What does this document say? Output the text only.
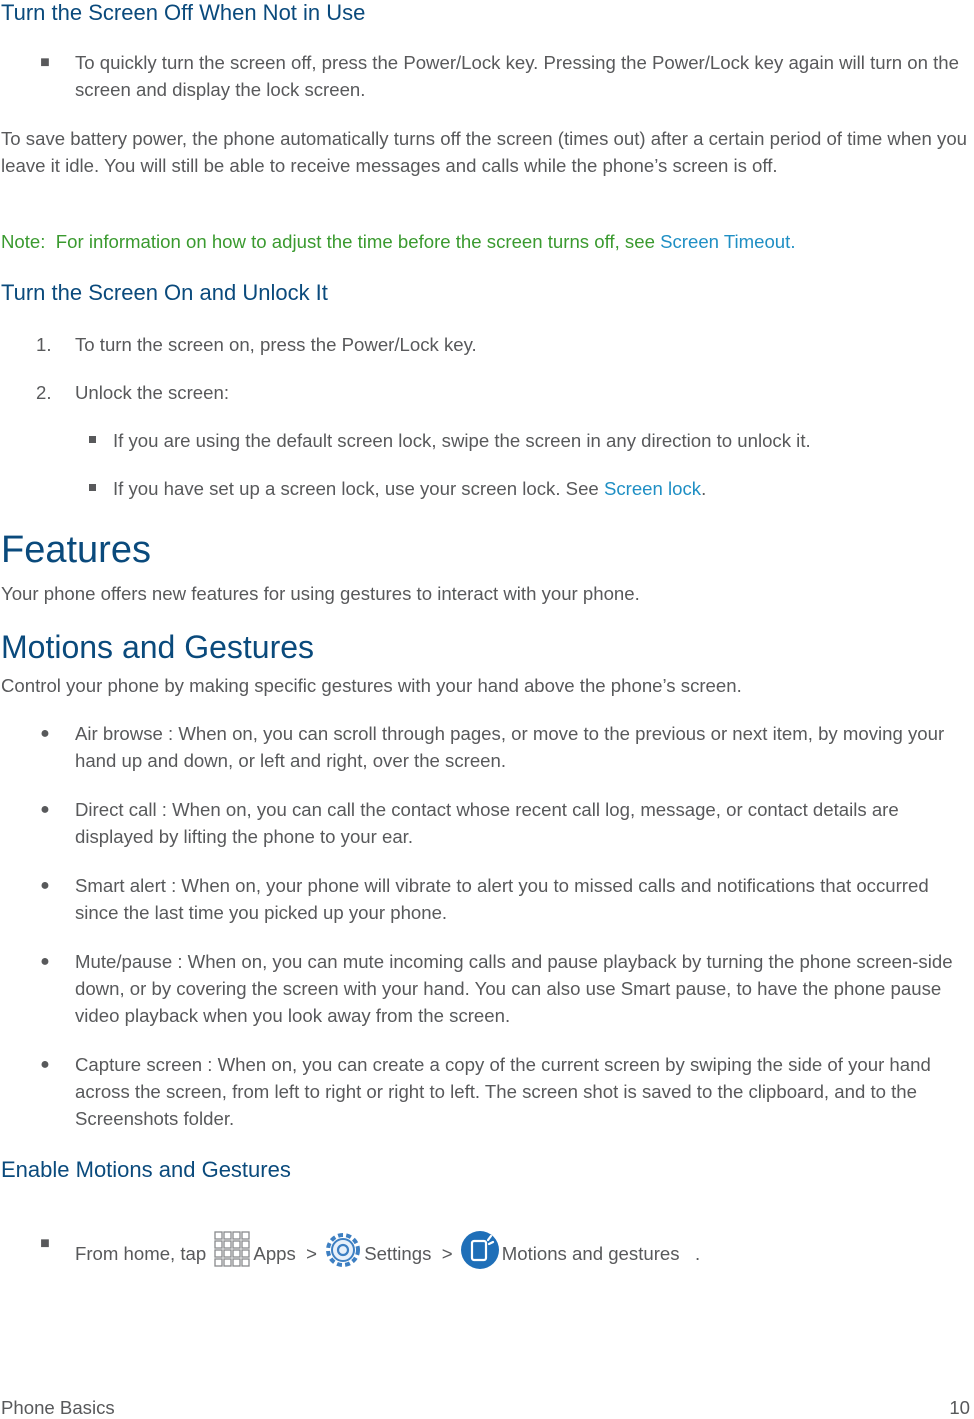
Turn the Screen Off When Not in Use
■	To quickly turn the screen off, press the Power/Lock key. Pressing the Power/Lock key again will turn on the screen and display the lock screen.
To save battery power, the phone automatically turns off the screen (times out) after a certain period of time when you leave it idle. You will still be able to receive messages and calls while the phone’s screen is off.
Note: For information on how to adjust the time before the screen turns off, see Screen Timeout.
Turn the Screen On and Unlock It
1. To turn the screen on, press the Power/Lock key.
2. Unlock the screen:
If you are using the default screen lock, swipe the screen in any direction to unlock it.
If you have set up a screen lock, use your screen lock. See Screen lock.
Features
Your phone offers new features for using gestures to interact with your phone.
Motions and Gestures
Control your phone by making specific gestures with your hand above the phone’s screen.
●	Air browse : When on, you can scroll through pages, or move to the previous or next item, by moving your hand up and down, or left and right, over the screen.
●	Direct call : When on, you can call the contact whose recent call log, message, or contact details are displayed by lifting the phone to your ear.
●	Smart alert : When on, your phone will vibrate to alert you to missed calls and notifications that occurred since the last time you picked up your phone.
●	Mute/pause : When on, you can mute incoming calls and pause playback by turning the phone screen-side down, or by covering the screen with your hand. You can also use Smart pause, to have the phone pause video playback when you look away from the screen.
●	Capture screen : When on, you can create a copy of the current screen by swiping the side of your hand across the screen, from left to right or right to left. The screen shot is saved to the clipboard, and to the Screenshots folder.
Enable Motions and Gestures
■	From home, tap	Apps >	Settings >	Motions and gestures .
Phone Basics	10
